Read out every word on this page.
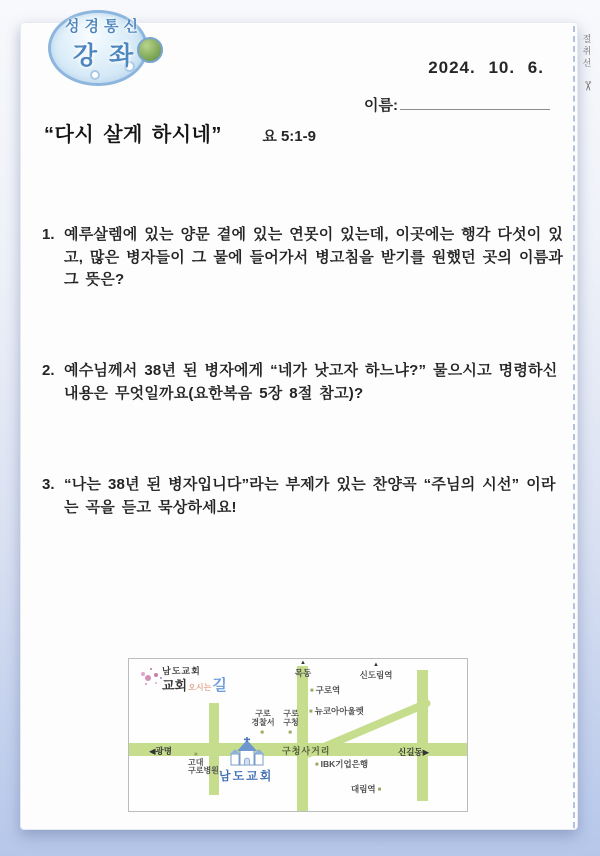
절취선
✂
성경통신
강좌	2024. 10. 6.
이름:
“다시 살게 하시네”	요 5:1-9
1. 예루살렘에 있는 양문 곁에 있는 연못이 있는데, 이곳에는 행각 다섯이 있
고, 많은 병자들이 그 물에 들어가서 병고침을 받기를 원했던 곳의 이름과
그 뜻은?
2. 예수님께서 38년 된 병자에게 “네가 낫고자 하느냐?” 물으시고 명령하신
내용은 무엇일까요(요한복음 5장 8절 참고)?
3. “나는 38년 된 병자입니다”라는 부제가 있는 찬양곡 “주님의 시선” 이라
는 곡을 듣고 묵상하세요!
남도교회
교회오시는길
▲
목동
▲
신도림역
■ 구로역
■ 뉴코아아울렛
구로
경찰서
■
구로
구청
■
구청사거리
◀광명	신길동▶
■ IBK기업은행
대림역 ■
■
고대
구로병원 남도교회
